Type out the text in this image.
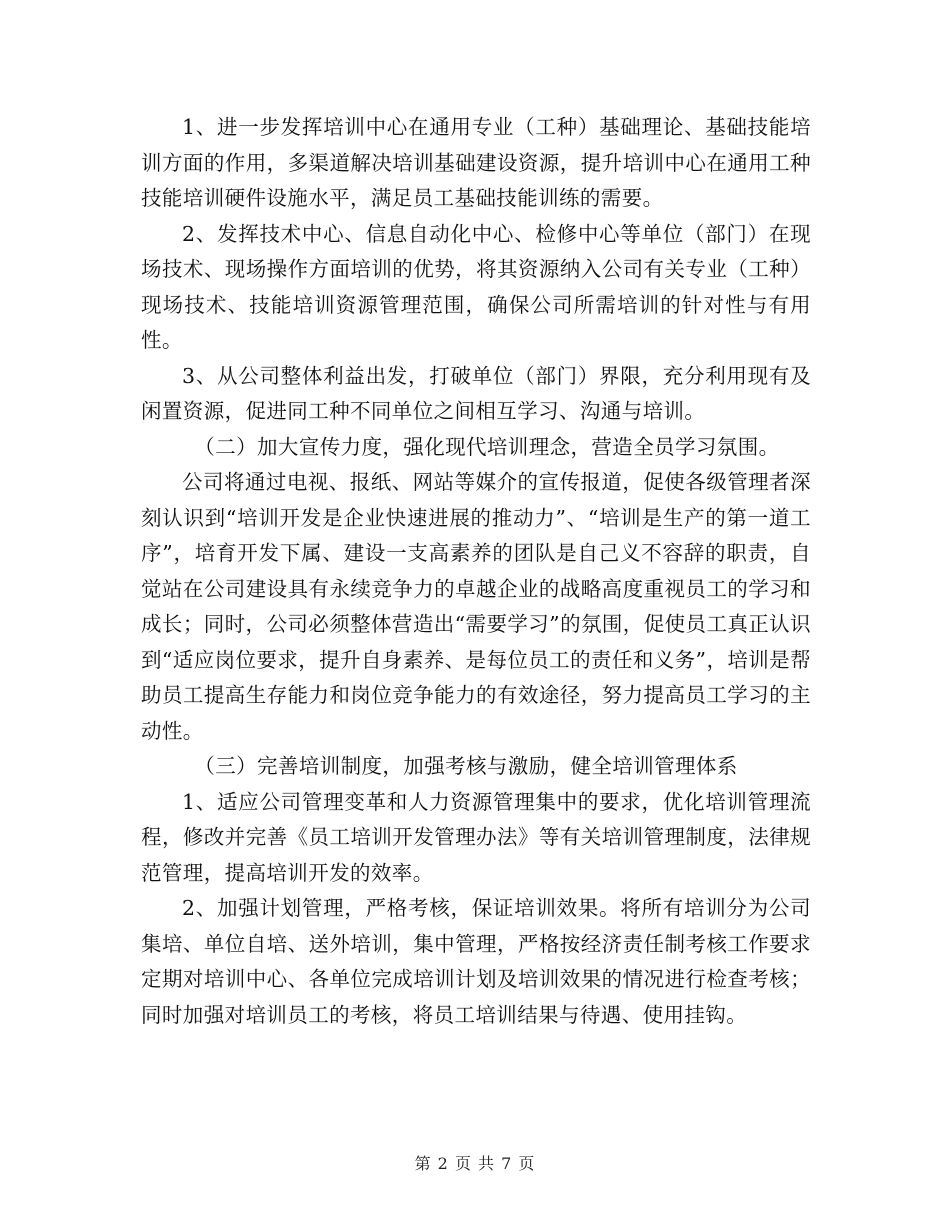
1、进一步发挥培训中心在通用专业（工种）基础理论、基础技能培训方面的作用，多渠道解决培训基础建设资源，提升培训中心在通用工种技能培训硬件设施水平，满足员工基础技能训练的需要。

2、发挥技术中心、信息自动化中心、检修中心等单位（部门）在现场技术、现场操作方面培训的优势，将其资源纳入公司有关专业（工种）现场技术、技能培训资源管理范围，确保公司所需培训的针对性与有用性。

3、从公司整体利益出发，打破单位（部门）界限，充分利用现有及闲置资源，促进同工种不同单位之间相互学习、沟通与培训。

（二）加大宣传力度，强化现代培训理念，营造全员学习氛围。

公司将通过电视、报纸、网站等媒介的宣传报道，促使各级管理者深刻认识到“培训开发是企业快速进展的推动力”、“培训是生产的第一道工序”，培育开发下属、建设一支高素养的团队是自己义不容辞的职责，自觉站在公司建设具有永续竞争力的卓越企业的战略高度重视员工的学习和成长；同时，公司必须整体营造出“需要学习”的氛围，促使员工真正认识到“适应岗位要求，提升自身素养、是每位员工的责任和义务”，培训是帮助员工提高生存能力和岗位竞争能力的有效途径，努力提高员工学习的主动性。

（三）完善培训制度，加强考核与激励，健全培训管理体系

1、适应公司管理变革和人力资源管理集中的要求，优化培训管理流程，修改并完善《员工培训开发管理办法》等有关培训管理制度，法律规范管理，提高培训开发的效率。

2、加强计划管理，严格考核，保证培训效果。将所有培训分为公司集培、单位自培、送外培训，集中管理，严格按经济责任制考核工作要求定期对培训中心、各单位完成培训计划及培训效果的情况进行检查考核；同时加强对培训员工的考核，将员工培训结果与待遇、使用挂钩。

第 2 页 共 7 页
